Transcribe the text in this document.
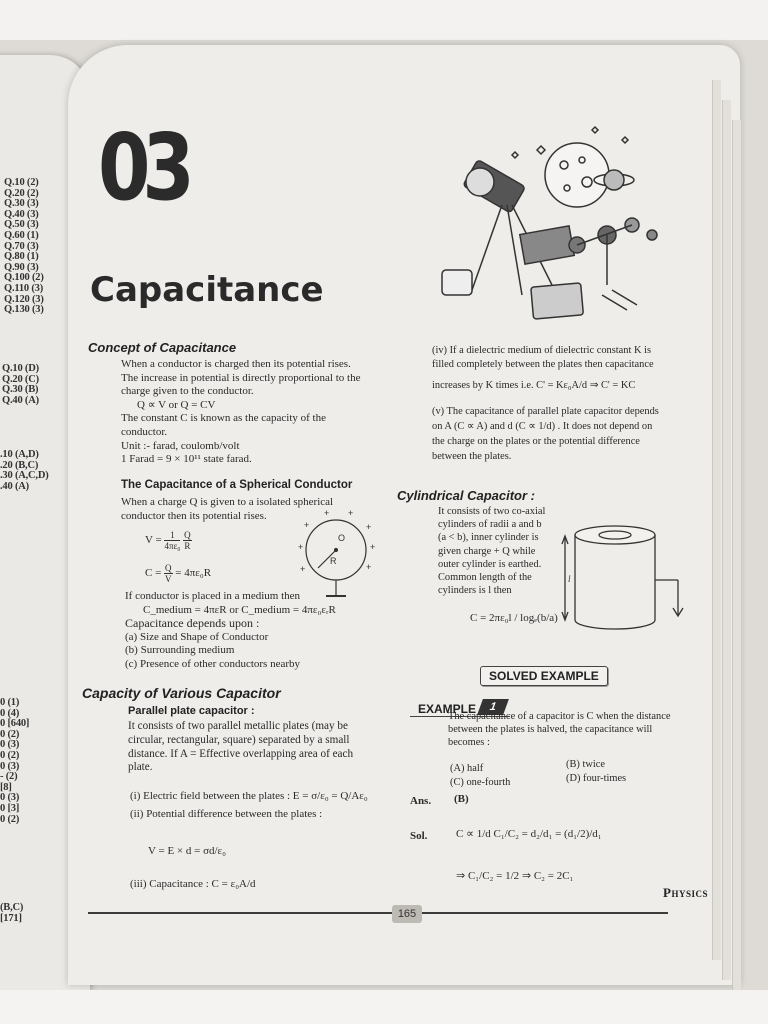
Q.10 (2)
Q.20 (2)
Q.30 (3)
Q.40 (3)
Q.50 (3)
Q.60 (1)
Q.70 (3)
Q.80 (1)
Q.90 (3)
Q.100 (2)
Q.110 (3)
Q.120 (3)
Q.130 (3)
Q.10 (D)
Q.20 (C)
Q.30 (B)
Q.40 (A)
.10 (A,D)
.20 (B,C)
.30 (A,C,D)
.40 (A)
0 (1)
0 (4)
0 [640]
0 (2)
0 (3)
0 (2)
0 (3)
- (2)
[8]
0 (3)
0 [3]
0 (2)
(B,C)
[171]
03
Capacitance
Concept of Capacitance
When a conductor is charged then its potential rises.
The increase in potential is directly proportional to the
charge given to the conductor.
Q ∝ V or Q = CV
The constant C is known as the capacity of the
conductor.
Unit :- farad, coulomb/volt
1 Farad = 9 × 10¹¹ state farad.
The Capacitance of a Spherical Conductor
When a charge Q is given to a isolated spherical
conductor then its potential rises.
$V = \frac{1}{\text{4πε₀}}$
$\frac{Q}{R}$
$C = \frac{Q}{V} = 4\pi\varepsilon_0R$
O
R
+
+ +
+
+
+
+
+
If conductor is placed in a medium then
C_medium = 4πεR or C_medium = 4πε₀εᵣR
Capacitance depends upon :
(a) Size and Shape of Conductor
(b) Surrounding medium
(c) Presence of other conductors nearby
(iv) If a dielectric medium of dielectric constant K is
filled completely between the plates then capacitance
increases by K times i.e. C' = Kε₀A/d ⇒ C' = KC
(v) The capacitance of parallel plate capacitor depends
on A (C ∝ A) and d (C ∝ 1/d) . It does not depend on
the charge on the plates or the potential difference
between the plates.
Cylindrical Capacitor :
It consists of two co-axial
cylinders of radii a and b
(a < b), inner cylinder is
given charge + Q while
outer cylinder is earthed.
Common length of the
cylinders is l then
C = 2πε₀l / logₑ(b/a)
l
SOLVED EXAMPLE
EXAMPLE	1
Capacity of Various Capacitor
Parallel plate capacitor :
It consists of two parallel metallic plates (may be
circular, rectangular, square) separated by a small
distance. If A = Effective overlapping area of each
plate.
(i) Electric field between the plates : E = σ/ε₀ = Q/Aε₀
(ii) Potential difference between the plates :
V = E × d = σd/ε₀
(iii) Capacitance : C = ε₀A/d
The capacitance of a capacitor is C when the distance
between the plates is halved, the capacitance will
becomes :
(A) half	(B) twice
(C) one-fourth	(D) four-times
Ans. (B)
Sol.	C ∝ 1/d C₁/C₂ = d₂/d₁ = (d₁/2)/d₁
⇒ C₁/C₂ = 1/2 ⇒ C₂ = 2C₁
Physics
165
